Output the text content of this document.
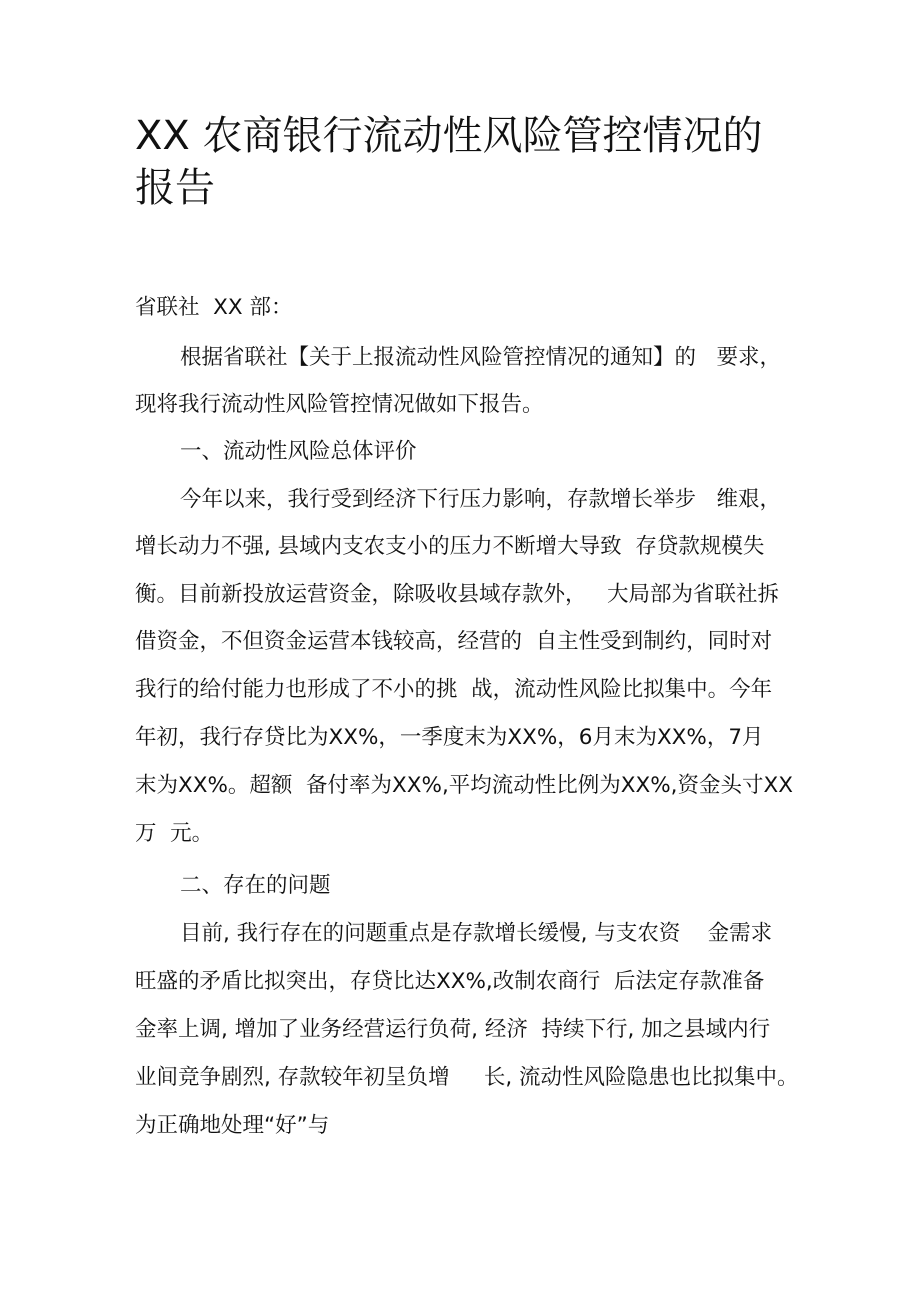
XX 农商银行流动性风险管控情况的
报告
省联社  XX 部：
根据省联社【关于上报流动性风险管控情况的通知】的   要求，
现将我行流动性风险管控情况做如下报告。
一、流动性风险总体评价
今年以来，我行受到经济下行压力影响，存款增长举步   维艰，
增长动力不强, 县域内支农支小的压力不断增大导致  存贷款规模失
衡。目前新投放运营资金，除吸收县域存款外，   大局部为省联社拆
借资金，不但资金运营本钱较高，经营的  自主性受到制约，同时对
我行的给付能力也形成了不小的挑  战，流动性风险比拟集中。今年
年初，我行存贷比为XX%，一季度末为XX%，6月末为XX%，7月
末为XX%。超额  备付率为XX%,平均流动性比例为XX%,资金头寸XX
万  元。
二、存在的问题
目前, 我行存在的问题重点是存款增长缓慢, 与支农资    金需求
旺盛的矛盾比拟突出，存贷比达XX%,改制农商行  后法定存款准备
金率上调, 增加了业务经营运行负荷, 经济  持续下行, 加之县域内行
业间竞争剧烈, 存款较年初呈负增     长, 流动性风险隐患也比拟集中。
为正确地处理“好”与
